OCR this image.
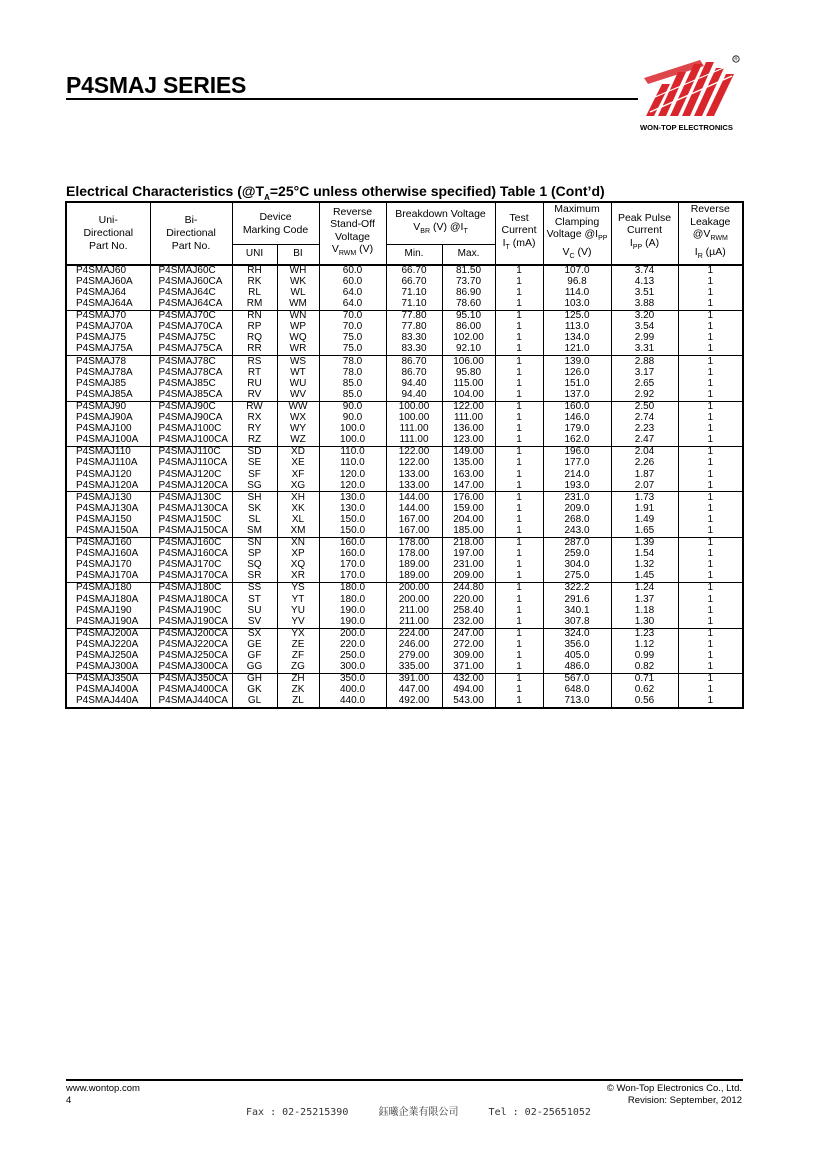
P4SMAJ SERIES
R
WON-TOP ELECTRONICS
Electrical Characteristics ($@T_A=25^\circ C$ unless otherwise specified) Table 1 (Cont’d)
Uni-
Directional
Part No.	Bi-
Directional
Part No.	Device
Marking Code		Reverse
Stand-Off
Voltage
$V_{RWM}$ (V)	Breakdown Voltage
$V_{BR}$ (V) $@I_T$		Test
Current
$I_T$ (mA)	Maximum
Clamping
Voltage $@I_{PP}$
$V_C$ (V)	Peak Pulse
Current
$I_{PP}$ (A)	Reverse
Leakage
$@V_{RWM}$
$I_R$ (µA)
		UNI	BI		Min.	Max.				
P4SMAJ60	P4SMAJ60C	RH	WH	60.0	66.70	81.50	1	107.0	3.74	1
P4SMAJ60A	P4SMAJ60CA	RK	WK	60.0	66.70	73.70	1	96.8	4.13	1
P4SMAJ64	P4SMAJ64C	RL	WL	64.0	71.10	86.90	1	114.0	3.51	1
P4SMAJ64A	P4SMAJ64CA	RM	WM	64.0	71.10	78.60	1	103.0	3.88	1
P4SMAJ70	P4SMAJ70C	RN	WN	70.0	77.80	95.10	1	125.0	3.20	1
P4SMAJ70A	P4SMAJ70CA	RP	WP	70.0	77.80	86.00	1	113.0	3.54	1
P4SMAJ75	P4SMAJ75C	RQ	WQ	75.0	83.30	102.00	1	134.0	2.99	1
P4SMAJ75A	P4SMAJ75CA	RR	WR	75.0	83.30	92.10	1	121.0	3.31	1
P4SMAJ78	P4SMAJ78C	RS	WS	78.0	86.70	106.00	1	139.0	2.88	1
P4SMAJ78A	P4SMAJ78CA	RT	WT	78.0	86.70	95.80	1	126.0	3.17	1
P4SMAJ85	P4SMAJ85C	RU	WU	85.0	94.40	115.00	1	151.0	2.65	1
P4SMAJ85A	P4SMAJ85CA	RV	WV	85.0	94.40	104.00	1	137.0	2.92	1
P4SMAJ90	P4SMAJ90C	RW	WW	90.0	100.00	122.00	1	160.0	2.50	1
P4SMAJ90A	P4SMAJ90CA	RX	WX	90.0	100.00	111.00	1	146.0	2.74	1
P4SMAJ100	P4SMAJ100C	RY	WY	100.0	111.00	136.00	1	179.0	2.23	1
P4SMAJ100A	P4SMAJ100CA	RZ	WZ	100.0	111.00	123.00	1	162.0	2.47	1
P4SMAJ110	P4SMAJ110C	SD	XD	110.0	122.00	149.00	1	196.0	2.04	1
P4SMAJ110A	P4SMAJ110CA	SE	XE	110.0	122.00	135.00	1	177.0	2.26	1
P4SMAJ120	P4SMAJ120C	SF	XF	120.0	133.00	163.00	1	214.0	1.87	1
P4SMAJ120A	P4SMAJ120CA	SG	XG	120.0	133.00	147.00	1	193.0	2.07	1
P4SMAJ130	P4SMAJ130C	SH	XH	130.0	144.00	176.00	1	231.0	1.73	1
P4SMAJ130A	P4SMAJ130CA	SK	XK	130.0	144.00	159.00	1	209.0	1.91	1
P4SMAJ150	P4SMAJ150C	SL	XL	150.0	167.00	204.00	1	268.0	1.49	1
P4SMAJ150A	P4SMAJ150CA	SM	XM	150.0	167.00	185.00	1	243.0	1.65	1
P4SMAJ160	P4SMAJ160C	SN	XN	160.0	178.00	218.00	1	287.0	1.39	1
P4SMAJ160A	P4SMAJ160CA	SP	XP	160.0	178.00	197.00	1	259.0	1.54	1
P4SMAJ170	P4SMAJ170C	SQ	XQ	170.0	189.00	231.00	1	304.0	1.32	1
P4SMAJ170A	P4SMAJ170CA	SR	XR	170.0	189.00	209.00	1	275.0	1.45	1
P4SMAJ180	P4SMAJ180C	SS	YS	180.0	200.00	244.80	1	322.2	1.24	1
P4SMAJ180A	P4SMAJ180CA	ST	YT	180.0	200.00	220.00	1	291.6	1.37	1
P4SMAJ190	P4SMAJ190C	SU	YU	190.0	211.00	258.40	1	340.1	1.18	1
P4SMAJ190A	P4SMAJ190CA	SV	YV	190.0	211.00	232.00	1	307.8	1.30	1
P4SMAJ200A	P4SMAJ200CA	SX	YX	200.0	224.00	247.00	1	324.0	1.23	1
P4SMAJ220A	P4SMAJ220CA	GE	ZE	220.0	246.00	272.00	1	356.0	1.12	1
P4SMAJ250A	P4SMAJ250CA	GF	ZF	250.0	279.00	309.00	1	405.0	0.99	1
P4SMAJ300A	P4SMAJ300CA	GG	ZG	300.0	335.00	371.00	1	486.0	0.82	1
P4SMAJ350A	P4SMAJ350CA	GH	ZH	350.0	391.00	432.00	1	567.0	0.71	1
P4SMAJ400A	P4SMAJ400CA	GK	ZK	400.0	447.00	494.00	1	648.0	0.62	1
P4SMAJ440A	P4SMAJ440CA	GL	ZL	440.0	492.00	543.00	1	713.0	0.56	1
www.wontop.com
4
© Won-Top Electronics Co., Ltd.
Revision: September, 2012
Fax : 02-25215390     鈺曦企業有限公司     Tel : 02-25651052
